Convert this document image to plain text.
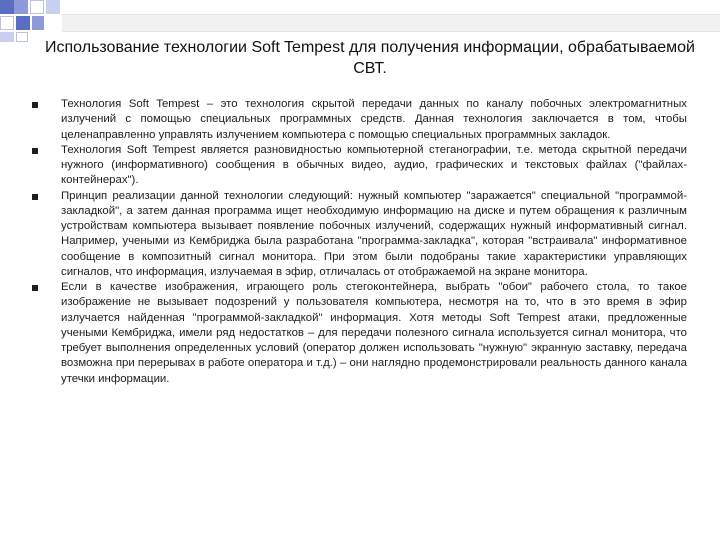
Использование технологии Soft Tempest для получения информации, обрабатываемой СВТ.
Технология Soft Tempest – это технология скрытой передачи данных по каналу побочных электромагнитных излучений с помощью специальных программных средств. Данная технология заключается в том, чтобы целенаправленно управлять излучением компьютера с помощью специальных программных закладок.
Технология Soft Tempest является разновидностью компьютерной стеганографии, т.е. метода скрытной передачи нужного (информативного) сообщения в обычных видео, аудио, графических и текстовых файлах ("файлах-контейнерах").
Принцип реализации данной технологии следующий: нужный компьютер "заражается" специальной "программой-закладкой", а затем данная программа ищет необходимую информацию на диске и путем обращения к различным устройствам компьютера вызывает появление побочных излучений, содержащих нужный информативный сигнал. Например, учеными из Кембриджа была разработана "программа-закладка", которая "встраивала" информативное сообщение в композитный сигнал монитора. При этом были подобраны такие характеристики управляющих сигналов, что информация, излучаемая в эфир, отличалась от отображаемой на экране монитора.
Если в качестве изображения, играющего роль стегоконтейнера, выбрать "обои" рабочего стола, то такое изображение не вызывает подозрений у пользователя компьютера, несмотря на то, что в это время в эфир излучается найденная "программой-закладкой" информация. Хотя методы Soft Tempest атаки, предложенные учеными Кембриджа, имели ряд недостатков – для передачи полезного сигнала используется сигнал монитора, что требует выполнения определенных условий (оператор должен использовать "нужную" экранную заставку, передача возможна при перерывах в работе оператора и т.д.) – они наглядно продемонстрировали реальность данного канала утечки информации.
